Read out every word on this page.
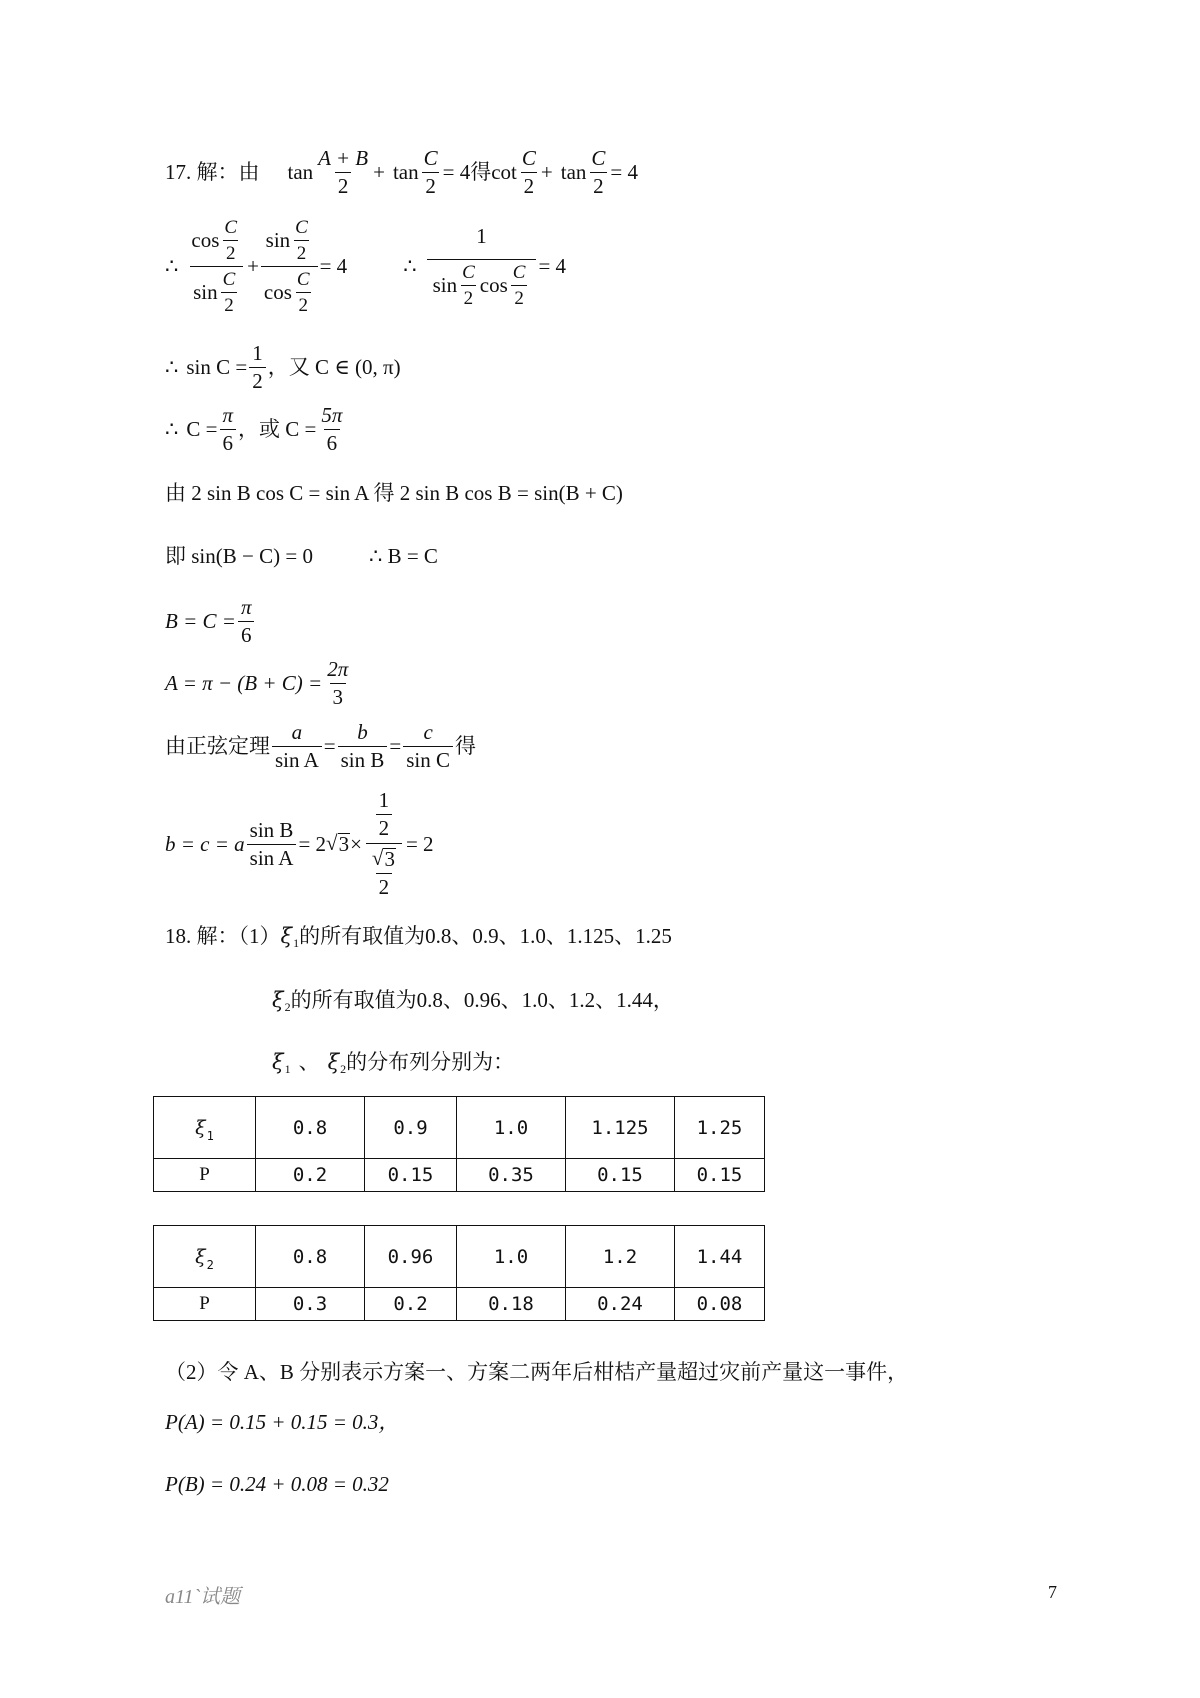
17. 解：由 tan
A + B
2
+ $\tan \frac{C}{2} = 4$ 得 cot
C
2
+ $\tan \frac{C}{2} = 4$
∴
cos
C
2
sin
C
2
+ sin
C
2
cos
C
2 = 4	∴ 1
sin
C
2
cos
C
2 = 4
∴ $\sin C = \frac{1}{2}$ ，又 C ∈ (0, π)
∴ $C = \frac{\pi}{6}$ ，或 $C = \frac{5\pi}{6}$
由 2 sin B cos C = sin A 得 2 sin B cos B = sin(B + C)
即 sin(B − C) = 0	∴ B = C
$B = C = \frac{\pi}{6}$
$A = \pi - (B + C) = \frac{2\pi}{3}$
由正弦定理 $\frac{a}{\text{sin A}} = \frac{b}{\text{sin B}} = \frac{c}{\text{sin C}}$ 得
b = c = a $\frac{\text{sin B}}{\text{sin A}} = 2$ √ 3 × 1
2
√ 3
2 = 2
18. 解：（1） ξ 1 的所有取值为0.8、0.9、1.0、1.125、1.25
ξ 2 的所有取值为0.8、0.96、1.0、1.2、1.44，
ξ 1 、 ξ 2 的分布列分别为：
$\xi_1$	0.8	0.9	1.0	1.125	1.25
P	0.2	0.15	0.35	0.15	0.15
$\xi_2$	0.8	0.96	1.0	1.2	1.44
P	0.3	0.2	0.18	0.24	0.08
（2）令 A、B 分别表示方案一、方案二两年后柑桔产量超过灾前产量这一事件，
P(A) = 0.15 + 0.15 = 0.3，
P(B) = 0.24 + 0.08 = 0.32
a11`试题	7
